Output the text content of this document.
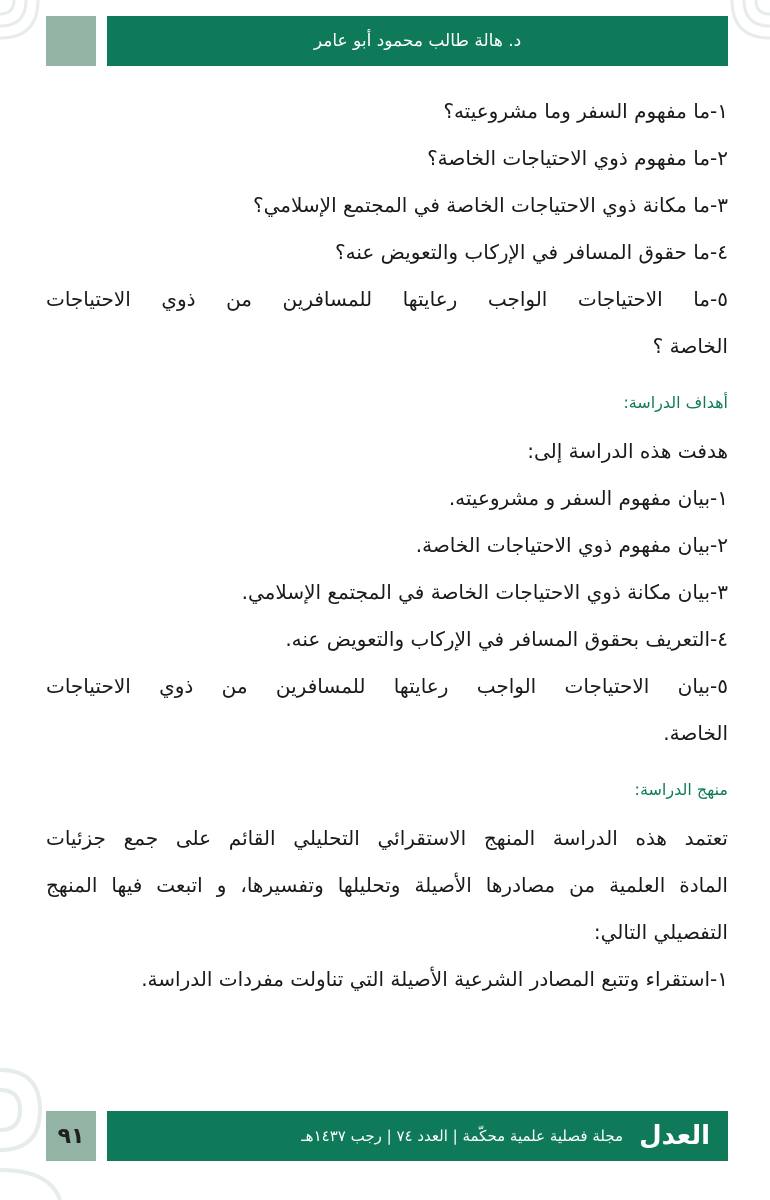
د. هالة طالب محمود أبو عامر
١-ما مفهوم السفر وما مشروعيته؟
٢-ما مفهوم ذوي الاحتياجات الخاصة؟
٣-ما مكانة ذوي الاحتياجات الخاصة في المجتمع الإسلامي؟
٤-ما حقوق المسافر في الإركاب والتعويض عنه؟
٥-ما الاحتياجات الواجب رعايتها للمسافرين من ذوي الاحتياجات
الخاصة ؟
أهداف الدراسة:
هدفت هذه الدراسة إلى:
١-بيان مفهوم السفر و مشروعيته.
٢-بيان مفهوم ذوي الاحتياجات الخاصة.
٣-بيان مكانة ذوي الاحتياجات الخاصة في المجتمع الإسلامي.
٤-التعريف بحقوق المسافر في الإركاب والتعويض عنه.
٥-بيان الاحتياجات الواجب رعايتها للمسافرين من ذوي الاحتياجات
الخاصة.
منهج الدراسة:
تعتمد هذه الدراسة المنهج الاستقرائي التحليلي القائم على جمع جزئيات
المادة العلمية من مصادرها الأصيلة وتحليلها وتفسيرها، و اتبعت فيها المنهج
التفصيلي التالي:
١-استقراء وتتبع المصادر الشرعية الأصيلة التي تناولت مفردات الدراسة.
٩١	العدل
مجلة فصلية علمية محكّمة | العدد ٧٤ | رجب ١٤٣٧هـ
